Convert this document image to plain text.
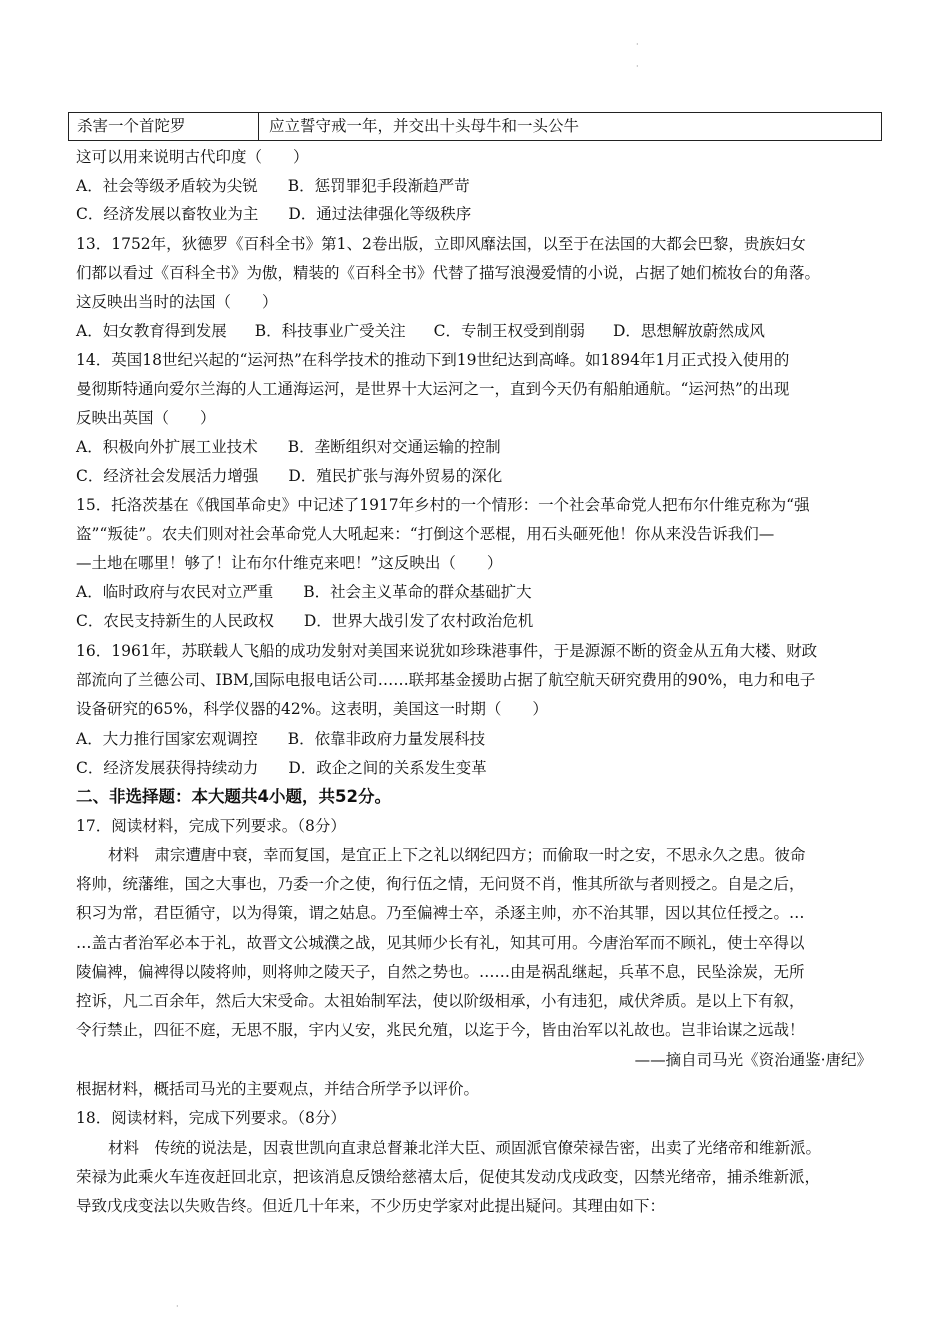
·
·
杀害一个首陀罗	应立誓守戒一年，并交出十头母牛和一头公牛
这可以用来说明古代印度（　　）
A．社会等级矛盾较为尖锐 B．惩罚罪犯手段渐趋严苛
C．经济发展以畜牧业为主 D．通过法律强化等级秩序
13．1752年，狄德罗《百科全书》第1、2卷出版，立即风靡法国，以至于在法国的大都会巴黎，贵族妇女
们都以看过《百科全书》为傲，精装的《百科全书》代替了描写浪漫爱情的小说，占据了她们梳妆台的角落。
这反映出当时的法国（　　）
A．妇女教育得到发展 B．科技事业广受关注 C．专制王权受到削弱 D．思想解放蔚然成风
14．英国18世纪兴起的“运河热”在科学技术的推动下到19世纪达到高峰。如1894年1月正式投入使用的
曼彻斯特通向爱尔兰海的人工通海运河，是世界十大运河之一，直到今天仍有船舶通航。“运河热”的出现
反映出英国（　　）
A．积极向外扩展工业技术 B．垄断组织对交通运输的控制
C．经济社会发展活力增强 D．殖民扩张与海外贸易的深化
15．托洛茨基在《俄国革命史》中记述了1917年乡村的一个情形：一个社会革命党人把布尔什维克称为“强
盗”“叛徒”。农夫们则对社会革命党人大吼起来：“打倒这个恶棍，用石头砸死他！你从来没告诉我们—
—土地在哪里！够了！让布尔什维克来吧！”这反映出（　　）
A．临时政府与农民对立严重 B．社会主义革命的群众基础扩大
C．农民支持新生的人民政权 D．世界大战引发了农村政治危机
16．1961年，苏联载人飞船的成功发射对美国来说犹如珍珠港事件，于是源源不断的资金从五角大楼、财政
部流向了兰德公司、IBM,国际电报电话公司……联邦基金援助占据了航空航天研究费用的90%，电力和电子
设备研究的65%，科学仪器的42%。这表明，美国这一时期（　　）
A．大力推行国家宏观调控 B．依靠非政府力量发展科技
C．经济发展获得持续动力 D．政企之间的关系发生变革
二、非选择题：本大题共4小题，共52分。
17．阅读材料，完成下列要求。（8分）
材料　肃宗遭唐中衰，幸而复国，是宜正上下之礼以纲纪四方；而偷取一时之安，不思永久之患。彼命
将帅，统藩维，国之大事也，乃委一介之使，徇行伍之情，无问贤不肖，惟其所欲与者则授之。自是之后，
积习为常，君臣循守，以为得策，谓之姑息。乃至偏裨士卒，杀逐主帅，亦不治其罪，因以其位任授之。…
…盖古者治军必本于礼，故晋文公城濮之战，见其师少长有礼，知其可用。今唐治军而不顾礼，使士卒得以
陵偏裨，偏裨得以陵将帅，则将帅之陵天子，自然之势也。……由是祸乱继起，兵革不息，民坠涂炭，无所
控诉，凡二百余年，然后大宋受命。太祖始制军法，使以阶级相承，小有违犯，咸伏斧质。是以上下有叙，
令行禁止，四征不庭，无思不服，宇内乂安，兆民允殖，以迄于今，皆由治军以礼故也。岂非诒谋之远哉！
——摘自司马光《资治通鉴·唐纪》
根据材料，概括司马光的主要观点，并结合所学予以评价。
18．阅读材料，完成下列要求。（8分）
材料　传统的说法是，因袁世凯向直隶总督兼北洋大臣、顽固派官僚荣禄告密，出卖了光绪帝和维新派。
荣禄为此乘火车连夜赶回北京，把该消息反馈给慈禧太后，促使其发动戊戌政变，囚禁光绪帝，捕杀维新派，
导致戊戌变法以失败告终。但近几十年来，不少历史学家对此提出疑问。其理由如下：
·
